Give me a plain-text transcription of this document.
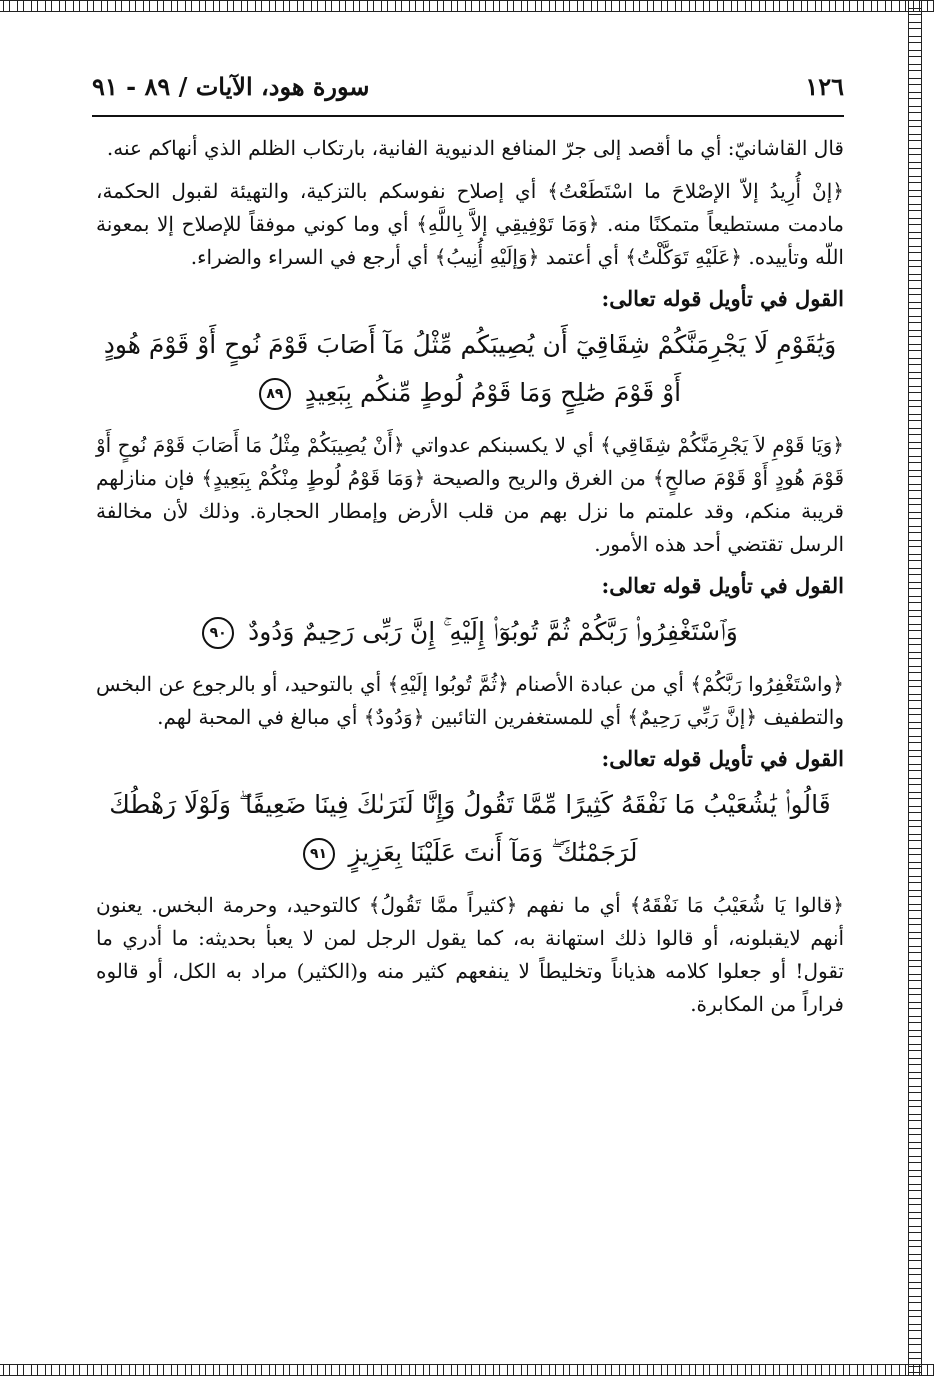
١٢٦
سورة هود، الآيات / ٨٩ - ٩١

قال القاشانيّ: أي ما أقصد إلى جرّ المنافع الدنيوية الفانية، بارتكاب الظلم الذي أنهاكم عنه.

﴿إنْ أُرِيدُ إلاّ الإصْلاحَ ما اسْتَطَعْتُ﴾ أي إصلاح نفوسكم بالتزكية، والتهيئة لقبول الحكمة، مادمت مستطيعاً متمكنًا منه. ﴿وَمَا تَوْفِيقِي إلاَّ بِاللَّهِ﴾ أي وما كوني موفقاً للإصلاح إلا بمعونة اللّه وتأييده. ﴿عَلَيْهِ تَوَكَّلْتُ﴾ أي أعتمد ﴿وَإلَيْهِ أُنِيبُ﴾ أي أرجع في السراء والضراء.

القول في تأويل قوله تعالى:
وَيَٰقَوْمِ لَا يَجْرِمَنَّكُمْ شِقَاقِيٓ أَن يُصِيبَكُم مِّثْلُ مَآ أَصَابَ قَوْمَ نُوحٍ أَوْ قَوْمَ هُودٍ أَوْ قَوْمَ صَٰلِحٍ وَمَا قَوْمُ لُوطٍ مِّنكُم بِبَعِيدٍ ٨٩

﴿وَيَا قَوْمِ لاَ يَجْرِمَنَّكُمْ شِقَاقِي﴾ أي لا يكسبنكم عدواتي ﴿أَنْ يُصِيبَكُمْ مِثْلُ مَا أَصَابَ قَوْمَ نُوحٍ أَوْ قَوْمَ هُودٍ أَوْ قَوْمَ صالحٍ﴾ من الغرق والريح والصيحة ﴿وَمَا قَوْمُ لُوطٍ مِنْكُمْ بِبَعِيدٍ﴾ فإن منازلهم قريبة منكم، وقد علمتم ما نزل بهم من قلب الأرض وإمطار الحجارة. وذلك لأن مخالفة الرسل تقتضي أحد هذه الأمور.

القول في تأويل قوله تعالى:
وَٱسْتَغْفِرُوا۟ رَبَّكُمْ ثُمَّ تُوبُوٓا۟ إِلَيْهِ ۚ إِنَّ رَبِّى رَحِيمٌ وَدُودٌ ٩٠

﴿واسْتَغْفِرُوا رَبَّكُمْ﴾ أي من عبادة الأصنام ﴿ثُمَّ تُوبُوا إلَيْهِ﴾ أي بالتوحيد، أو بالرجوع عن البخس والتطفيف ﴿إنَّ رَبِّي رَحِيمٌ﴾ أي للمستغفرين التائبين ﴿وَدُودٌ﴾ أي مبالغ في المحبة لهم.

القول في تأويل قوله تعالى:
قَالُوا۟ يَٰشُعَيْبُ مَا نَفْقَهُ كَثِيرًا مِّمَّا تَقُولُ وَإِنَّا لَنَرَىٰكَ فِينَا ضَعِيفًا ۖ وَلَوْلَا رَهْطُكَ لَرَجَمْنَٰكَ ۖ وَمَآ أَنتَ عَلَيْنَا بِعَزِيزٍ ٩١

﴿قالوا يَا شُعَيْبُ مَا نَفْقَهُ﴾ أي ما نفهم ﴿كثيراً ممَّا تَقُولُ﴾ كالتوحيد، وحرمة البخس. يعنون أنهم لايقبلونه، أو قالوا ذلك استهانة به، كما يقول الرجل لمن لا يعبأ بحديثه: ما أدري ما تقول! أو جعلوا كلامه هذياناً وتخليطاً لا ينفعهم كثير منه و(الكثير) مراد به الكل، أو قالوه فراراً من المكابرة.
